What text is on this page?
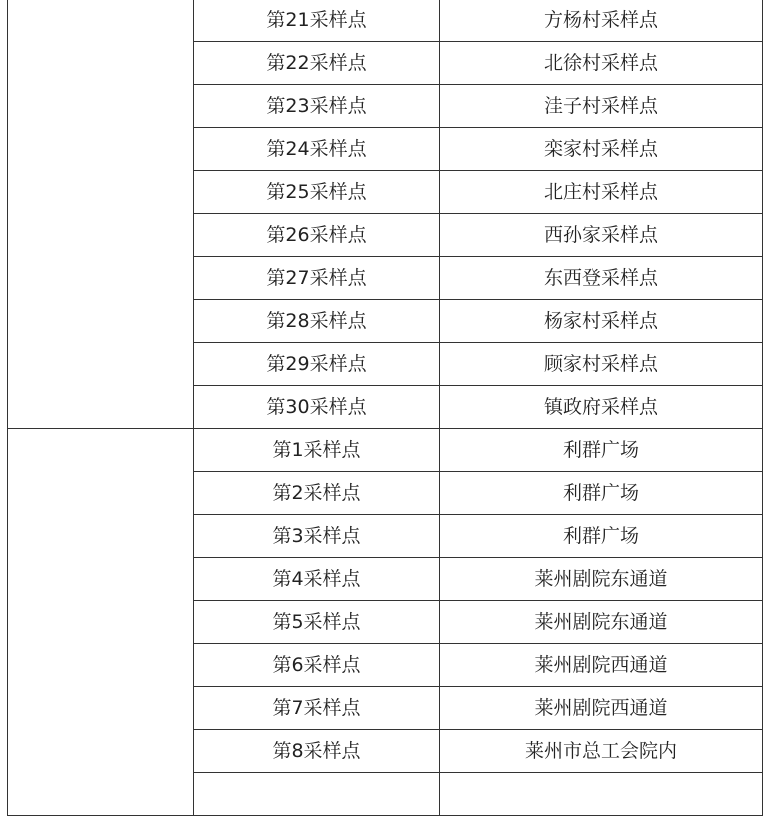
	第21采样点	方杨村采样点
	第22采样点	北徐村采样点
	第23采样点	洼子村采样点
	第24采样点	栾家村采样点
	第25采样点	北庄村采样点
	第26采样点	西孙家采样点
	第27采样点	东西登采样点
	第28采样点	杨家村采样点
	第29采样点	顾家村采样点
	第30采样点	镇政府采样点
	第1采样点	利群广场
	第2采样点	利群广场
	第3采样点	利群广场
	第4采样点	莱州剧院东通道
	第5采样点	莱州剧院东通道
	第6采样点	莱州剧院西通道
	第7采样点	莱州剧院西通道
	第8采样点	莱州市总工会院内
